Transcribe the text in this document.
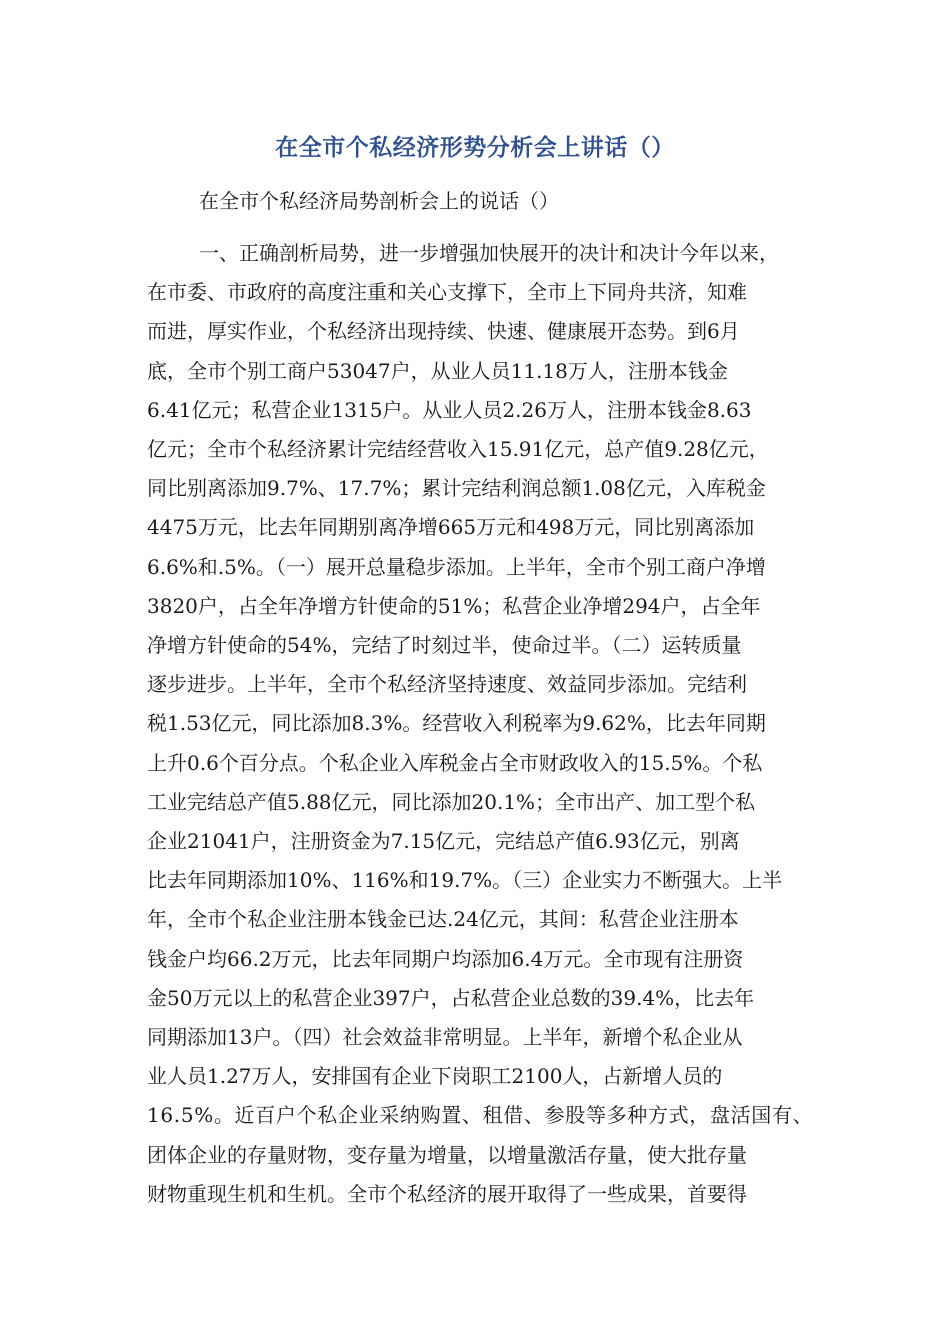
在全市个私经济形势分析会上讲话（）
在全市个私经济局势剖析会上的说话（）
一、正确剖析局势，进一步增强加快展开的决计和决计今年以来，
在市委、市政府的高度注重和关心支撑下，全市上下同舟共济，知难
而进，厚实作业，个私经济出现持续、快速、健康展开态势。到6月
底，全市个别工商户53047户，从业人员11.18万人，注册本钱金
6.41亿元；私营企业1315户。从业人员2.26万人，注册本钱金8.63
亿元；全市个私经济累计完结经营收入15.91亿元，总产值9.28亿元，
同比别离添加9.7%、17.7%；累计完结利润总额1.08亿元，入库税金
4475万元，比去年同期别离净增665万元和498万元，同比别离添加
6.6%和.5%。（一）展开总量稳步添加。上半年，全市个别工商户净增
3820户，占全年净增方针使命的51%；私营企业净增294户，占全年
净增方针使命的54%，完结了时刻过半，使命过半。（二）运转质量
逐步进步。上半年，全市个私经济坚持速度、效益同步添加。完结利
税1.53亿元，同比添加8.3%。经营收入利税率为9.62%，比去年同期
上升0.6个百分点。个私企业入库税金占全市财政收入的15.5%。个私
工业完结总产值5.88亿元，同比添加20.1%；全市出产、加工型个私
企业21041户，注册资金为7.15亿元，完结总产值6.93亿元，别离
比去年同期添加10%、116%和19.7%。（三）企业实力不断强大。上半
年，全市个私企业注册本钱金已达.24亿元，其间：私营企业注册本
钱金户均66.2万元，比去年同期户均添加6.4万元。全市现有注册资
金50万元以上的私营企业397户，占私营企业总数的39.4%，比去年
同期添加13户。（四）社会效益非常明显。上半年，新增个私企业从
业人员1.27万人，安排国有企业下岗职工2100人，占新增人员的
16.5%。近百户个私企业采纳购置、租借、参股等多种方式，盘活国有、
团体企业的存量财物，变存量为增量，以增量激活存量，使大批存量
财物重现生机和生机。全市个私经济的展开取得了一些成果，首要得
